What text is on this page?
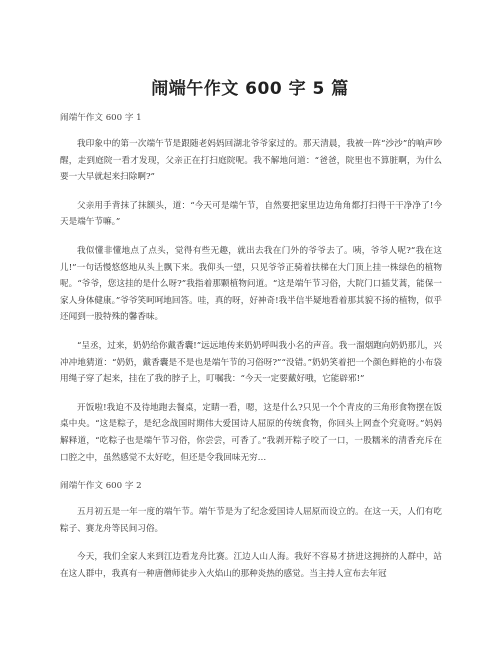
闹端午作文 600 字 5 篇

闹端午作文 600 字 1

我印象中的第一次端午节是跟随老妈妈回湖北爷爷家过的。那天清晨，我被一阵“沙沙”的响声吵醒，走到庭院一看才发现，父亲正在打扫庭院呢。我不解地问道：“爸爸，院里也不算脏啊，为什么要一大早就起来扫除啊?”

父亲用手背抹了抹额头，道：“今天可是端午节，自然要把家里边边角角都打扫得干干净净了!今天是端午节嘛。”

我似懂非懂地点了点头，觉得有些无趣，就出去我在门外的爷爷去了。咦，爷爷人呢?“我在这儿!”一句话慢悠悠地从头上飘下来。我仰头一望，只见爷爷正骑着扶梯在大门顶上挂一株绿色的植物呢。“爷爷，您这挂的是什么呀?”我指着那颗植物问道。“这是端午节习俗，大院门口插艾蒿，能保一家人身体健康。”爷爷笑呵呵地回答。哇，真的呀，好神奇!我半信半疑地看着那其貌不扬的植物，似乎还闻到一股特殊的馨香味。

“呈丞，过来，奶奶给你戴香囊!”远远地传来奶奶呼叫我小名的声音。我一溜烟跑向奶奶那儿，兴冲冲地猜道：“奶奶，戴香囊是不是也是端午节的习俗呀?”“没错。”奶奶笑着把一个颜色鲜艳的小布袋用绳子穿了起来，挂在了我的脖子上，叮嘱我：“今天一定要戴好哦，它能辟邪!”

开饭啦!我迫不及待地跑去餐桌，定睛一看，嗯，这是什么?只见一个个青皮的三角形食物摆在饭桌中央。“这是粽子，是纪念战国时期伟大爱国诗人屈原的传统食物，你回头上网查个究竟呀。”妈妈解释道，“吃粽子也是端午节习俗，你尝尝，可香了。”我剥开粽子咬了一口，一股糯米的清香充斥在口腔之中，虽然感觉不太好吃，但还是令我回味无穷…

闹端午作文 600 字 2

五月初五是一年一度的端午节。端午节是为了纪念爱国诗人屈原而设立的。在这一天，人们有吃粽子、赛龙舟等民间习俗。

今天，我们全家人来到江边看龙舟比赛。江边人山人海。我好不容易才挤进这拥挤的人群中，站在这人群中，我真有一种唐僧师徒步入火焰山的那种炎热的感觉。当主持人宣布去年冠
